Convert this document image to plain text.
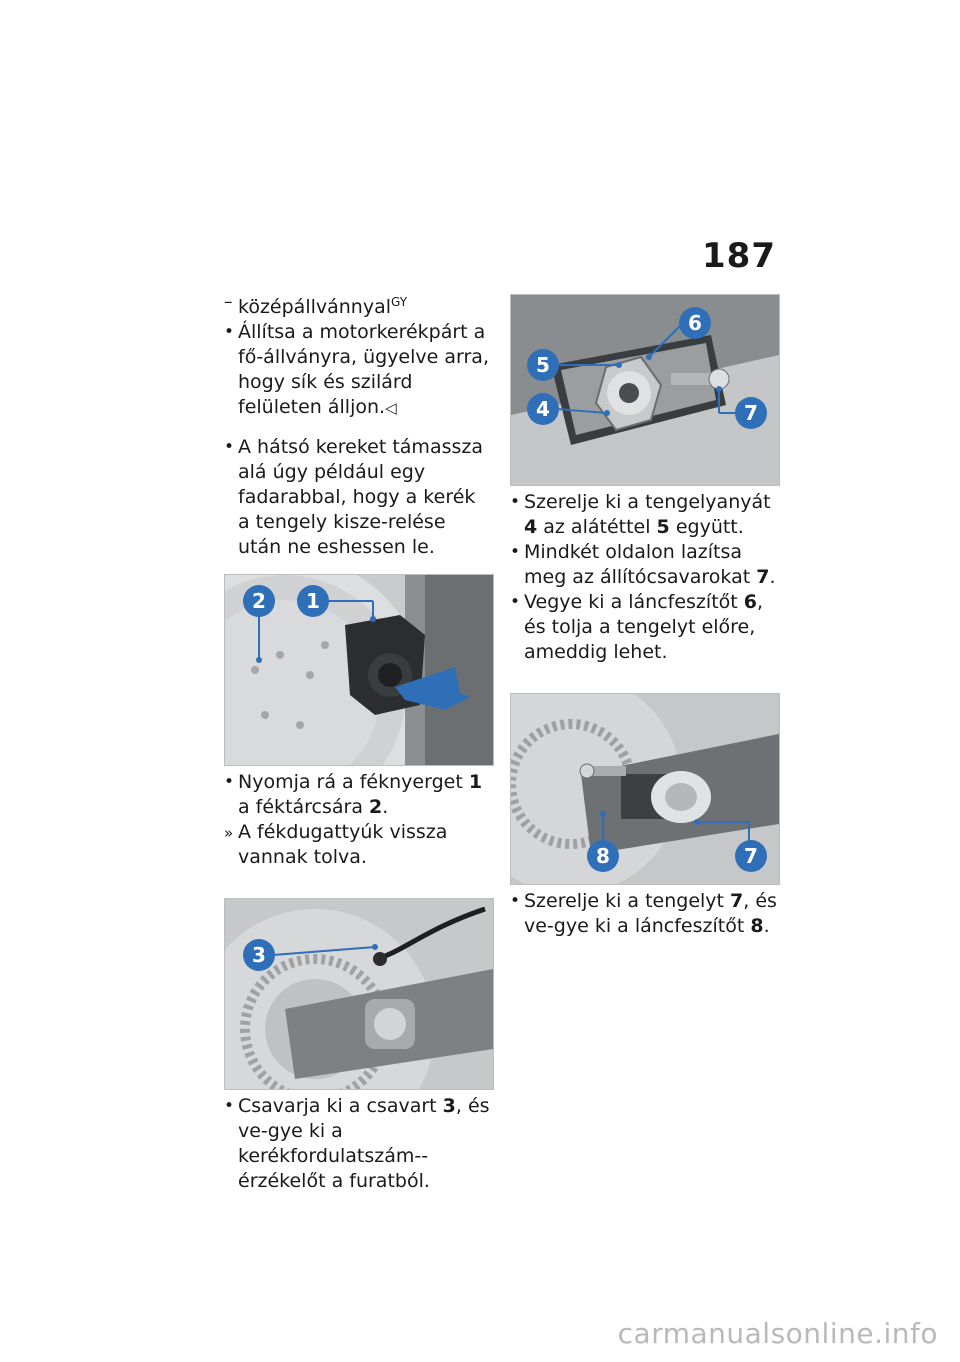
187

– középállvánnyal$^{GY}$

• Állítsa a motorkerékpárt a fő-állványra, ügyelve arra, hogy sík és szilárd felületen álljon.◁

• A hátsó kereket támassza alá úgy például egy fadarabbal, hogy a kerék a tengely kisze-relése után ne eshessen le.

2 1

• Nyomja rá a féknyerget 1 a féktárcsára 2.

» A fékdugattyúk vissza vannak tolva.

3

• Csavarja ki a csavart 3, és ve-gye ki a kerékfordulatszám-érzékelőt a furatból.

6
5
4	7

• Szerelje ki a tengelyanyát 4 az alátéttel 5 együtt.

• Mindkét oldalon lazítsa meg az állítócsavarokat 7.

• Vegye ki a láncfeszítőt 6, és tolja a tengelyt előre, ameddig lehet.

8	7

• Szerelje ki a tengelyt 7, és ve-gye ki a láncfeszítőt 8.

carmanualsonline.info
